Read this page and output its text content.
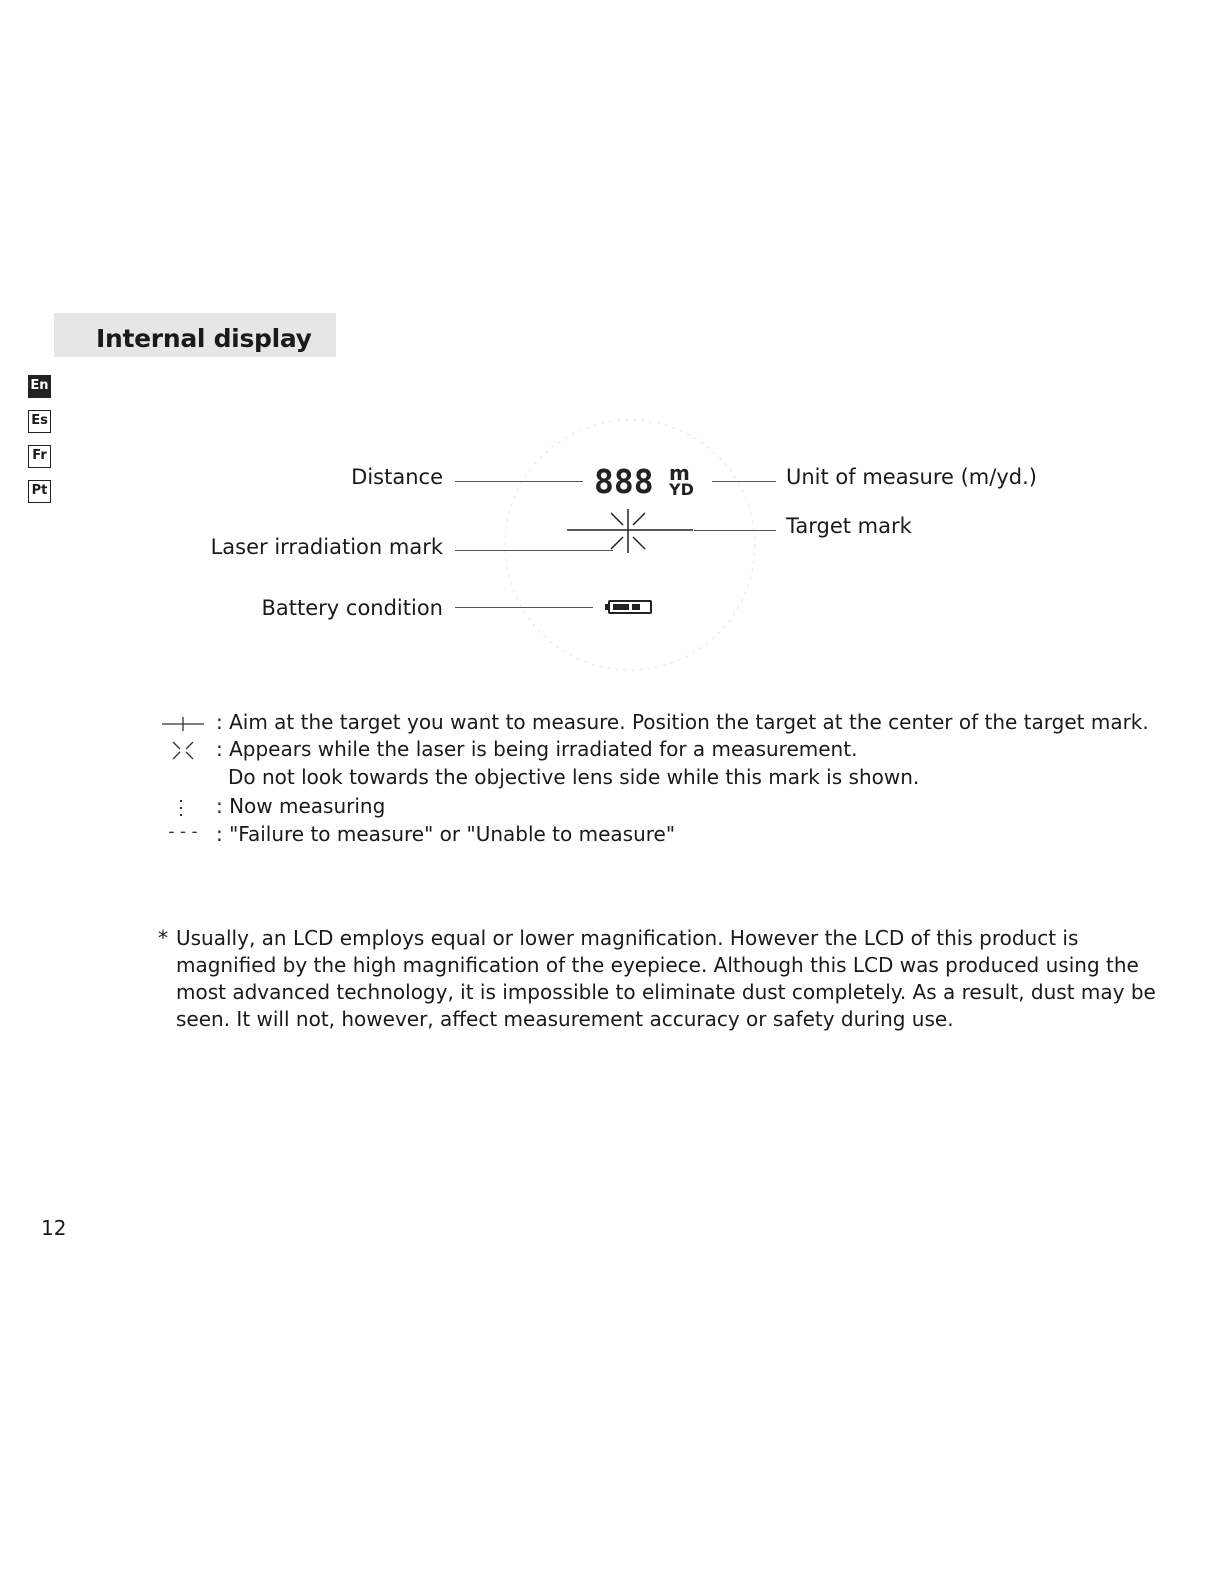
Internal display
En
Es
Fr
Pt
Distance
Laser irradiation mark
Battery condition
Unit of measure (m/yd.)
Target mark
888 m
YD
- - -
: Aim at the target you want to measure. Position the target at the center of the target mark.
: Appears while the laser is being irradiated for a measurement.
Do not look towards the objective lens side while this mark is shown.
: Now measuring
: "Failure to measure" or "Unable to measure"
* Usually, an LCD employs equal or lower magnification. However the LCD of this product is magnified by the high magnification of the eyepiece. Although this LCD was produced using the most advanced technology, it is impossible to eliminate dust completely. As a result, dust may be seen. It will not, however, affect measurement accuracy or safety during use.
12
